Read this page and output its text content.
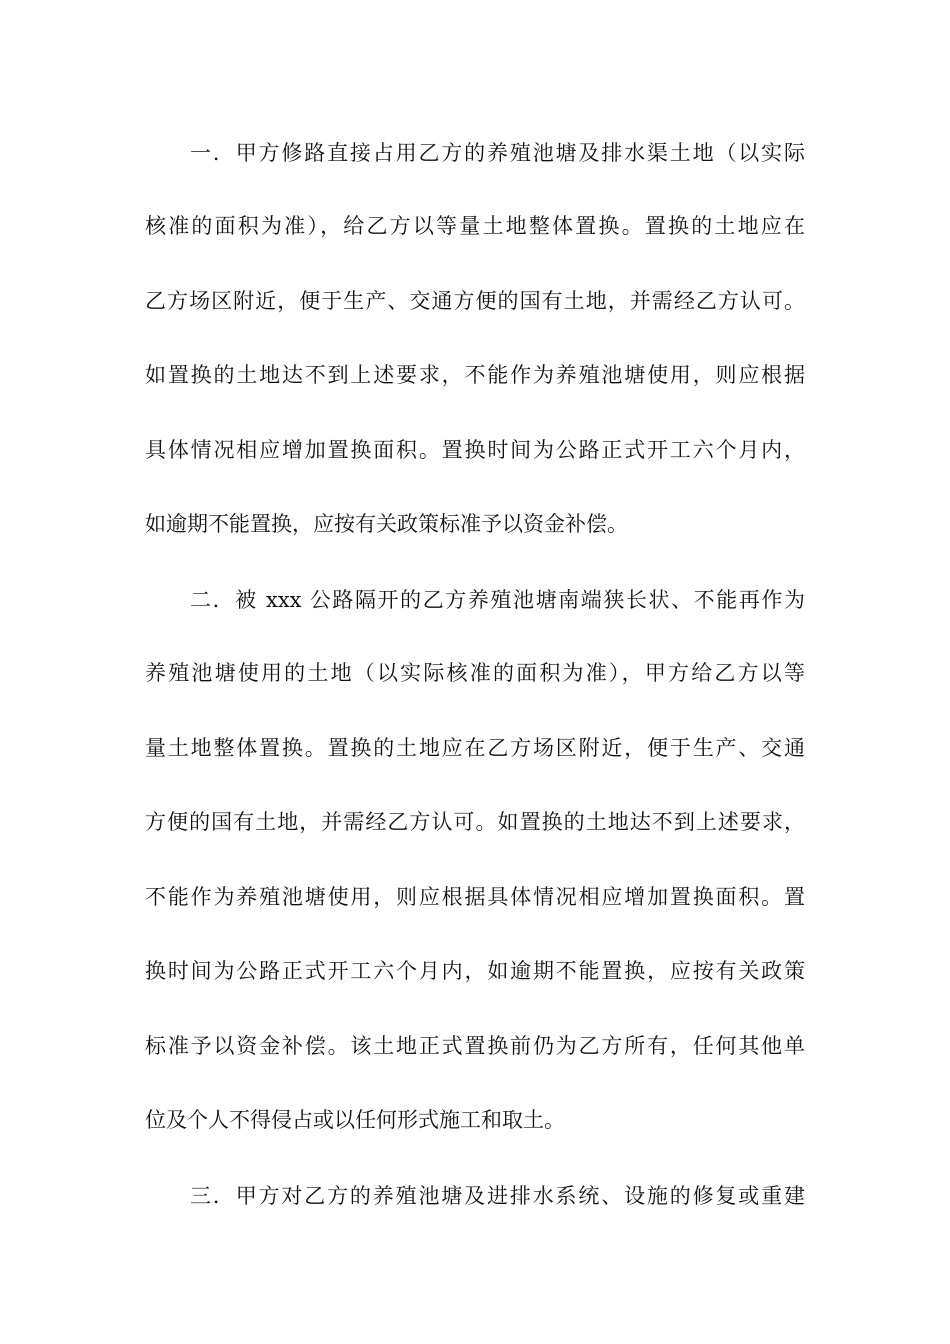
一．甲方修路直接占用乙方的养殖池塘及排水渠土地（以实际
核准的面积为准），给乙方以等量土地整体置换。置换的土地应在
乙方场区附近，便于生产、交通方便的国有土地，并需经乙方认可。
如置换的土地达不到上述要求，不能作为养殖池塘使用，则应根据
具体情况相应增加置换面积。置换时间为公路正式开工六个月内，
如逾期不能置换，应按有关政策标准予以资金补偿。
二．被 xxx 公路隔开的乙方养殖池塘南端狭长状、不能再作为
养殖池塘使用的土地（以实际核准的面积为准），甲方给乙方以等
量土地整体置换。置换的土地应在乙方场区附近，便于生产、交通
方便的国有土地，并需经乙方认可。如置换的土地达不到上述要求，
不能作为养殖池塘使用，则应根据具体情况相应增加置换面积。置
换时间为公路正式开工六个月内，如逾期不能置换，应按有关政策
标准予以资金补偿。该土地正式置换前仍为乙方所有，任何其他单
位及个人不得侵占或以任何形式施工和取土。
三．甲方对乙方的养殖池塘及进排水系统、设施的修复或重建
